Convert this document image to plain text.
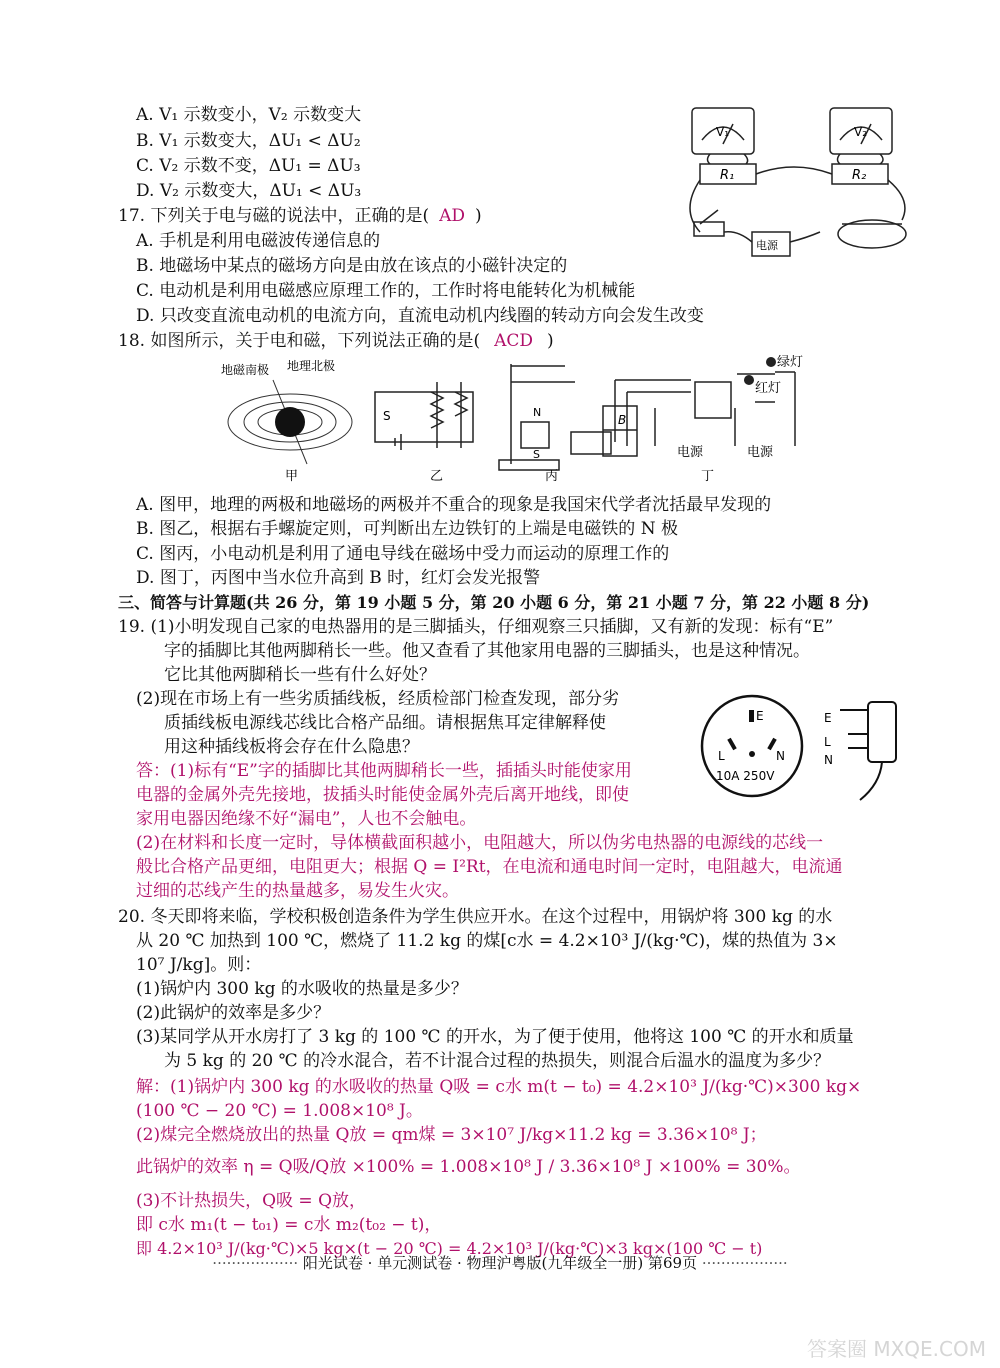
A. V₁ 示数变小，V₂ 示数变大
B. V₁ 示数变大，ΔU₁ < ΔU₂
C. V₂ 示数不变，ΔU₁ = ΔU₃
D. V₂ 示数变大，ΔU₁ < ΔU₃
V₁	V₂
R₁	R₂
电源
17. 下列关于电与磁的说法中，正确的是( AD )
A. 手机是利用电磁波传递信息的
B. 地磁场中某点的磁场方向是由放在该点的小磁针决定的
C. 电动机是利用电磁感应原理工作的，工作时将电能转化为机械能
D. 只改变直流电动机的电流方向，直流电动机内线圈的转动方向会发生改变
18. 如图所示，关于电和磁，下列说法正确的是( ACD )
地磁南极 地理北极
甲
S
乙
N
S
丙
B
绿灯
红灯
电源	电源
丁
A. 图甲，地理的两极和地磁场的两极并不重合的现象是我国宋代学者沈括最早发现的
B. 图乙，根据右手螺旋定则，可判断出左边铁钉的上端是电磁铁的 N 极
C. 图丙，小电动机是利用了通电导线在磁场中受力而运动的原理工作的
D. 图丁，丙图中当水位升高到 B 时，红灯会发光报警
三、简答与计算题(共 26 分，第 19 小题 5 分，第 20 小题 6 分，第 21 小题 7 分，第 22 小题 8 分)
19. (1)小明发现自己家的电热器用的是三脚插头，仔细观察三只插脚，又有新的发现：标有“E”
字的插脚比其他两脚稍长一些。他又查看了其他家用电器的三脚插头，也是这种情况。
它比其他两脚稍长一些有什么好处？
(2)现在市场上有一些劣质插线板，经质检部门检查发现，部分劣
质插线板电源线芯线比合格产品细。请根据焦耳定律解释使
用这种插线板将会存在什么隐患？
答：(1)标有“E”字的插脚比其他两脚稍长一些，插插头时能使家用
电器的金属外壳先接地，拔插头时能使金属外壳后离开地线，即使
家用电器因绝缘不好“漏电”，人也不会触电。
(2)在材料和长度一定时，导体横截面积越小，电阻越大，所以伪劣电热器的电源线的芯线一
般比合格产品更细，电阻更大；根据 Q = I²Rt，在电流和通电时间一定时，电阻越大，电流通
过细的芯线产生的热量越多，易发生火灾。
E
L	N
10A 250V
E
L
N
20. 冬天即将来临，学校积极创造条件为学生供应开水。在这个过程中，用锅炉将 300 kg 的水
从 20 ℃ 加热到 100 ℃，燃烧了 11.2 kg 的煤[c水 = 4.2×10³ J/(kg·℃)，煤的热值为 3×
10⁷ J/kg]。则：
(1)锅炉内 300 kg 的水吸收的热量是多少？
(2)此锅炉的效率是多少？
(3)某同学从开水房打了 3 kg 的 100 ℃ 的开水，为了便于使用，他将这 100 ℃ 的开水和质量
为 5 kg 的 20 ℃ 的冷水混合，若不计混合过程的热损失，则混合后温水的温度为多少？
解：(1)锅炉内 300 kg 的水吸收的热量 Q吸 = c水 m(t − t₀) = 4.2×10³ J/(kg·℃)×300 kg×
(100 ℃ − 20 ℃) = 1.008×10⁸ J。
(2)煤完全燃烧放出的热量 Q放 = qm煤 = 3×10⁷ J/kg×11.2 kg = 3.36×10⁸ J；
此锅炉的效率 η = Q吸/Q放 ×100% = 1.008×10⁸ J / 3.36×10⁸ J ×100% = 30%。
(3)不计热损失，Q吸 = Q放，
即 c水 m₁(t − t₀₁) = c水 m₂(t₀₂ − t)，
即 4.2×10³ J/(kg·℃)×5 kg×(t − 20 ℃) = 4.2×10³ J/(kg·℃)×3 kg×(100 ℃ − t)
·················· 阳光试卷 · 单元测试卷 · 物理沪粤版(九年级全一册) 第69页 ··················
答案圈 MXQE.COM
